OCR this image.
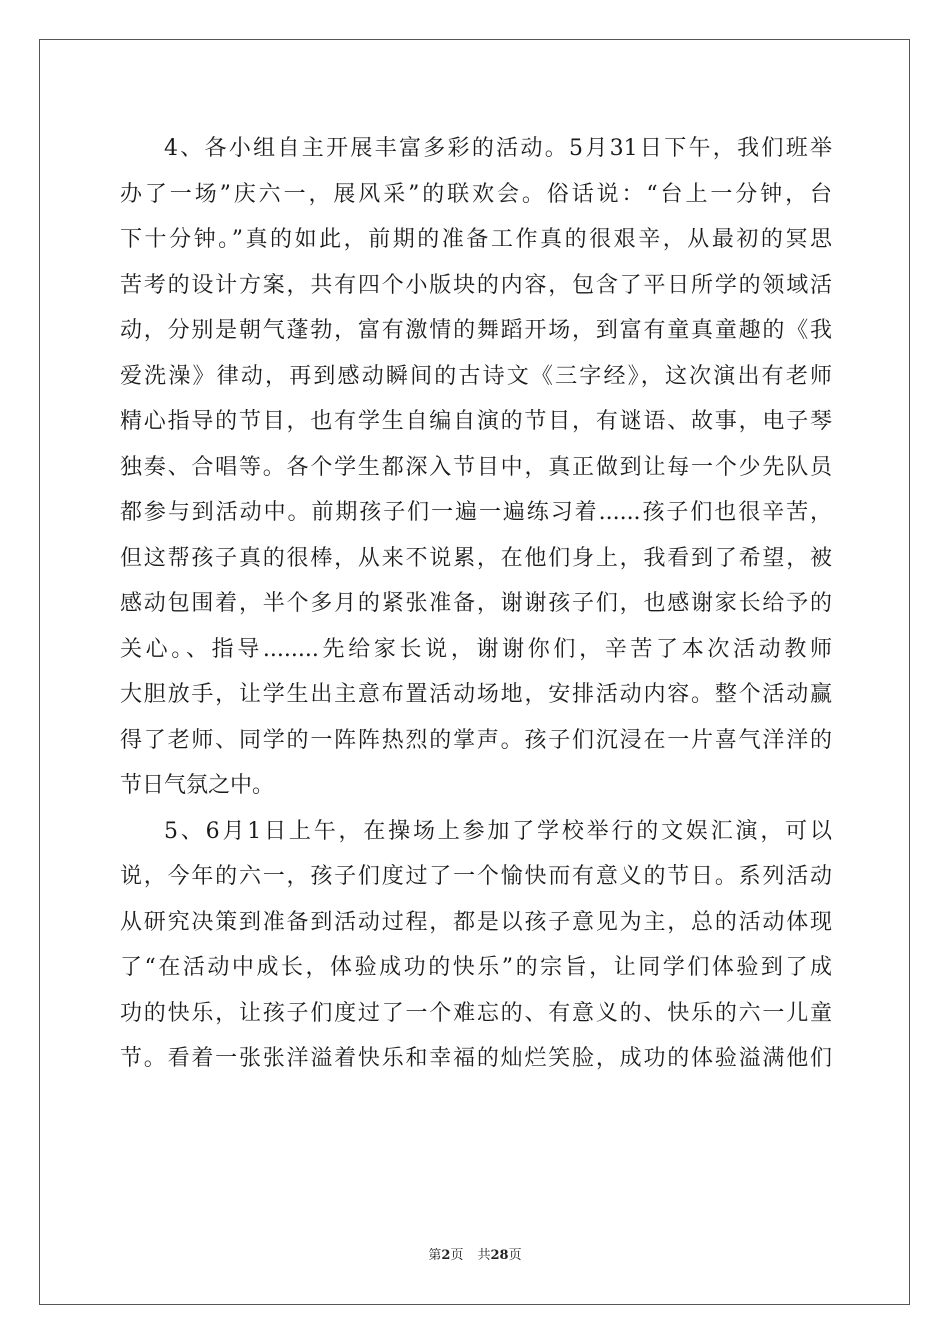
4、各小组自主开展丰富多彩的活动。5月31日下午，我们班举
办了一场”庆六一，展风采”的联欢会。俗话说：“台上一分钟，台
下十分钟。”真的如此，前期的准备工作真的很艰辛，从最初的冥思
苦考的设计方案，共有四个小版块的内容，包含了平日所学的领域活
动，分别是朝气蓬勃，富有激情的舞蹈开场，到富有童真童趣的《我
爱洗澡》律动，再到感动瞬间的古诗文《三字经》，这次演出有老师
精心指导的节目，也有学生自编自演的节目，有谜语、故事，电子琴
独奏、合唱等。各个学生都深入节目中，真正做到让每一个少先队员
都参与到活动中。前期孩子们一遍一遍练习着......孩子们也很辛苦，
但这帮孩子真的很棒，从来不说累，在他们身上，我看到了希望，被
感动包围着，半个多月的紧张准备，谢谢孩子们，也感谢家长给予的
关心。、指导........先给家长说，谢谢你们，辛苦了本次活动教师
大胆放手，让学生出主意布置活动场地，安排活动内容。整个活动赢
得了老师、同学的一阵阵热烈的掌声。孩子们沉浸在一片喜气洋洋的
节日气氛之中。
5、6月1日上午，在操场上参加了学校举行的文娱汇演，可以
说，今年的六一，孩子们度过了一个愉快而有意义的节日。系列活动
从研究决策到准备到活动过程，都是以孩子意见为主，总的活动体现
了“在活动中成长，体验成功的快乐”的宗旨，让同学们体验到了成
功的快乐，让孩子们度过了一个难忘的、有意义的、快乐的六一儿童
节。看着一张张洋溢着快乐和幸福的灿烂笑脸，成功的体验溢满他们
第2页 共28页
